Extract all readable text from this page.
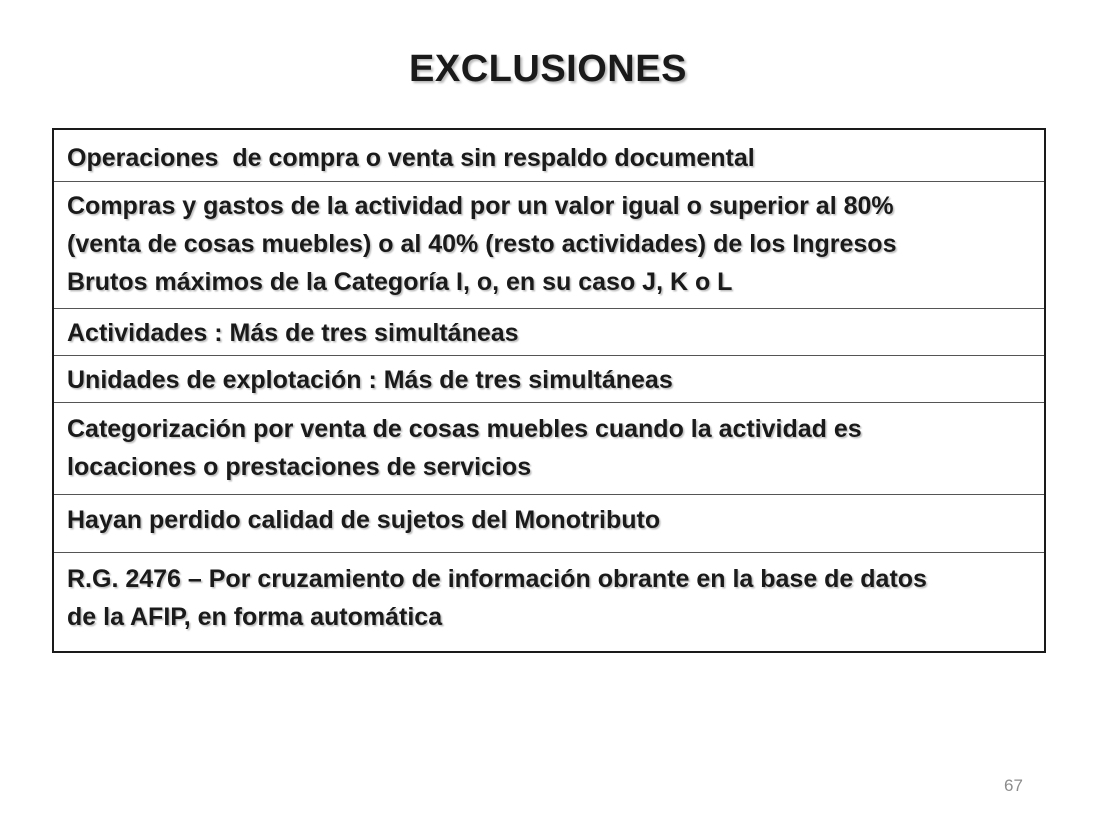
EXCLUSIONES
Operaciones  de compra o venta sin respaldo documental
Compras y gastos de la actividad por un valor igual o superior al 80%
(venta de cosas muebles) o al 40% (resto actividades) de los Ingresos
Brutos máximos de la Categoría I, o, en su caso J, K o L
Actividades : Más de tres simultáneas
Unidades de explotación : Más de tres simultáneas
Categorización por venta de cosas muebles cuando la actividad es
locaciones o prestaciones de servicios
Hayan perdido calidad de sujetos del Monotributo
R.G. 2476 – Por cruzamiento de información obrante en la base de datos
de la AFIP, en forma automática
67
